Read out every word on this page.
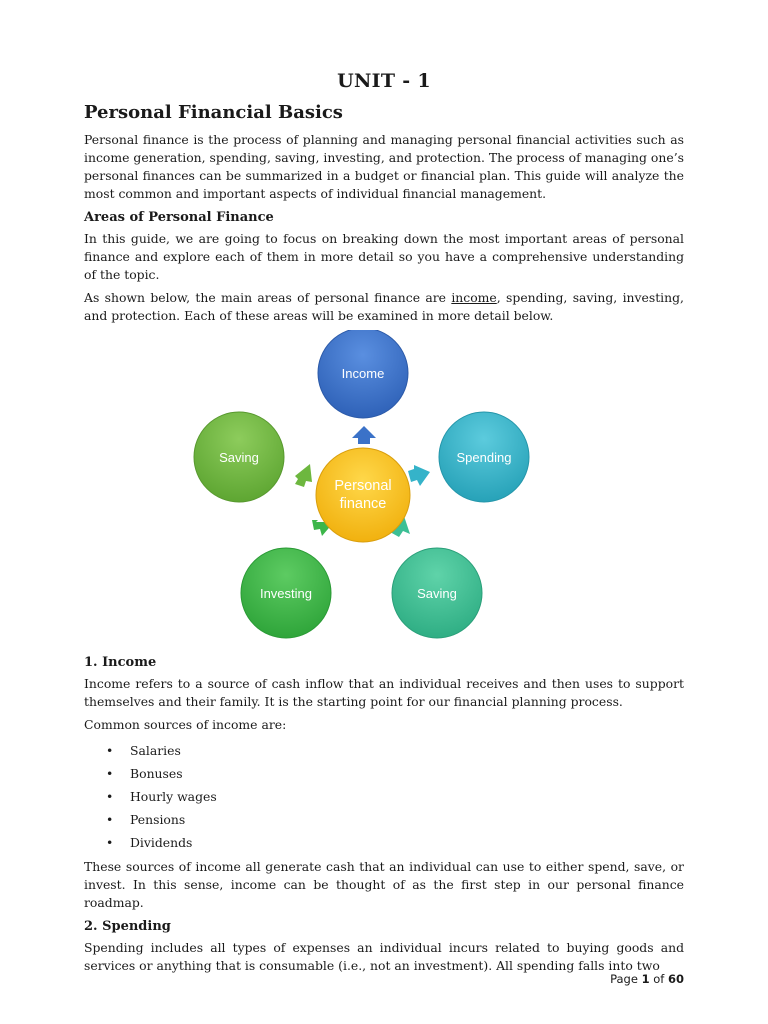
UNIT - 1
Personal Financial Basics

Personal finance is the process of planning and managing personal financial activities such as income generation, spending, saving, investing, and protection. The process of managing one’s personal finances can be summarized in a budget or financial plan. This guide will analyze the most common and important aspects of individual financial management.

Areas of Personal Finance

In this guide, we are going to focus on breaking down the most important areas of personal finance and explore each of them in more detail so you have a comprehensive understanding of the topic.

As shown below, the main areas of personal finance are income, spending, saving, investing, and protection. Each of these areas will be examined in more detail below.

Income
Spending
Saving
Investing
Saving
Personal
finance
1. Income

Income refers to a source of cash inflow that an individual receives and then uses to support themselves and their family. It is the starting point for our financial planning process.

Common sources of income are:

• Salaries
• Bonuses
• Hourly wages
• Pensions
• Dividends

These sources of income all generate cash that an individual can use to either spend, save, or invest. In this sense, income can be thought of as the first step in our personal finance roadmap.

2. Spending

Spending includes all types of expenses an individual incurs related to buying goods and services or anything that is consumable (i.e., not an investment). All spending falls into two

Page 1 of 60
